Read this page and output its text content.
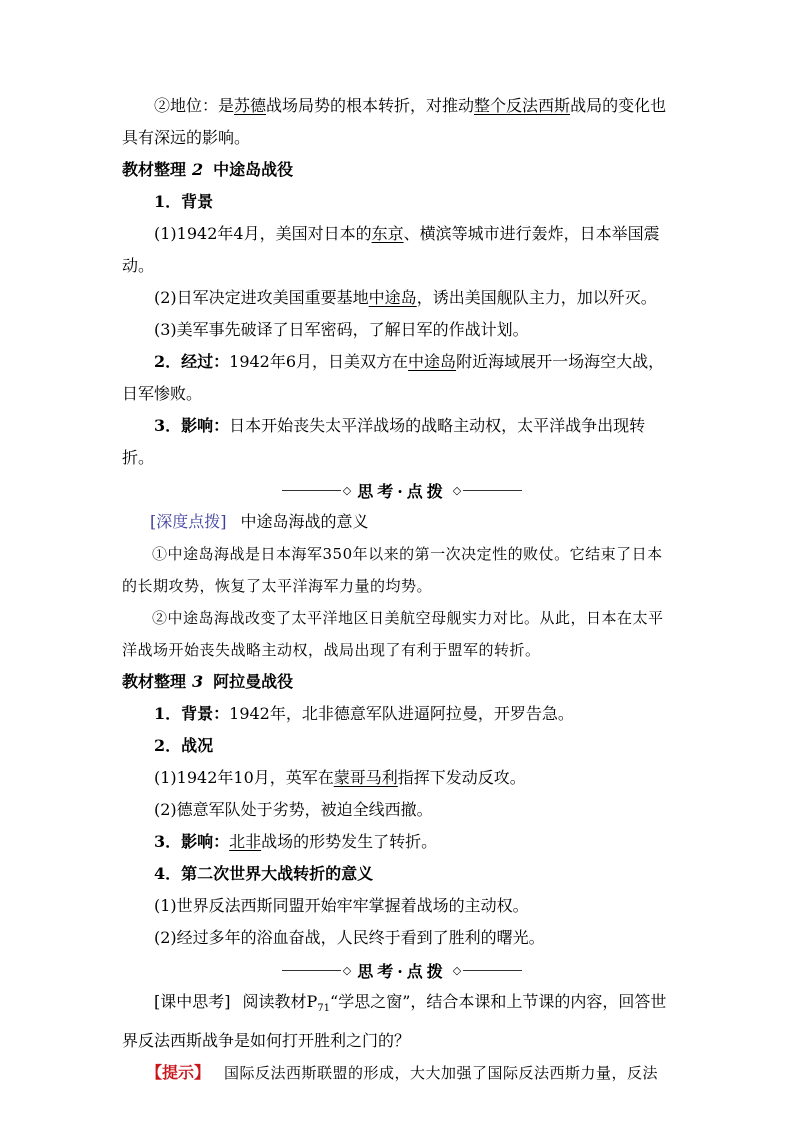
②地位：是苏德战场局势的根本转折，对推动整个反法西斯战局的变化也具有深远的影响。

教材整理 2 中途岛战役

1．背景

(1)1942年4月，美国对日本的东京、横滨等城市进行轰炸，日本举国震动。

(2)日军决定进攻美国重要基地中途岛，诱出美国舰队主力，加以歼灭。

(3)美军事先破译了日军密码，了解日军的作战计划。

2．经过：1942年6月，日美双方在中途岛附近海域展开一场海空大战，日军惨败。

3．影响：日本开始丧失太平洋战场的战略主动权，太平洋战争出现转折。

◇ 思考·点拨 ◇

[深度点拨] 中途岛海战的意义

①中途岛海战是日本海军350年以来的第一次决定性的败仗。它结束了日本的长期攻势，恢复了太平洋海军力量的均势。

②中途岛海战改变了太平洋地区日美航空母舰实力对比。从此，日本在太平洋战场开始丧失战略主动权，战局出现了有利于盟军的转折。

教材整理 3 阿拉曼战役

1．背景：1942年，北非德意军队进逼阿拉曼，开罗告急。

2．战况

(1)1942年10月，英军在蒙哥马利指挥下发动反攻。

(2)德意军队处于劣势，被迫全线西撤。

3．影响：北非战场的形势发生了转折。

4．第二次世界大战转折的意义

(1)世界反法西斯同盟开始牢牢掌握着战场的主动权。

(2)经过多年的浴血奋战，人民终于看到了胜利的曙光。

◇ 思考·点拨 ◇

[课中思考] 阅读教材$P_{71}“$学思之窗”，结合本课和上节课的内容，回答世界反法西斯战争是如何打开胜利之门的？

【提示】 国际反法西斯联盟的形成，大大加强了国际反法西斯力量，反法
